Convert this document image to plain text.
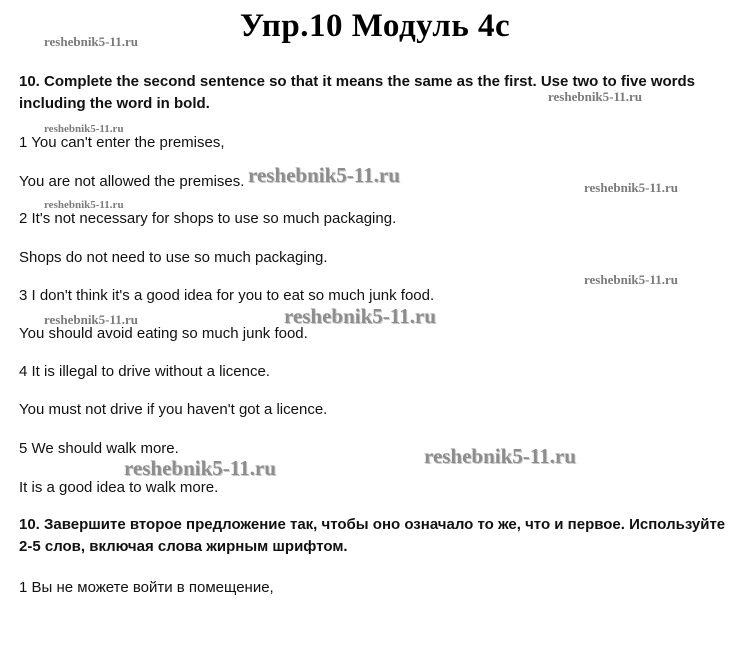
Упр.10 Модуль 4c
10. Complete the second sentence so that it means the same as the first. Use two to five words including the word in bold.
1 You can't enter the premises,
You are not allowed the premises.
2 It's not necessary for shops to use so much packaging.
Shops do not need to use so much packaging.
3 I don't think it's a good idea for you to eat so much junk food.
You should avoid eating so much junk food.
4 It is illegal to drive without a licence.
You must not drive if you haven't got a licence.
5 We should walk more.
It is a good idea to walk more.
10. Завершите второе предложение так, чтобы оно означало то же, что и первое. Используйте 2-5 слов, включая слова жирным шрифтом.
1 Вы не можете войти в помещение,
reshebnik5-11.ru
reshebnik5-11.ru
reshebnik5-11.ru
reshebnik5-11.ru
reshebnik5-11.ru
reshebnik5-11.ru
reshebnik5-11.ru
reshebnik5-11.ru	reshebnik5-11.ru
reshebnik5-11.ru
reshebnik5-11.ru
